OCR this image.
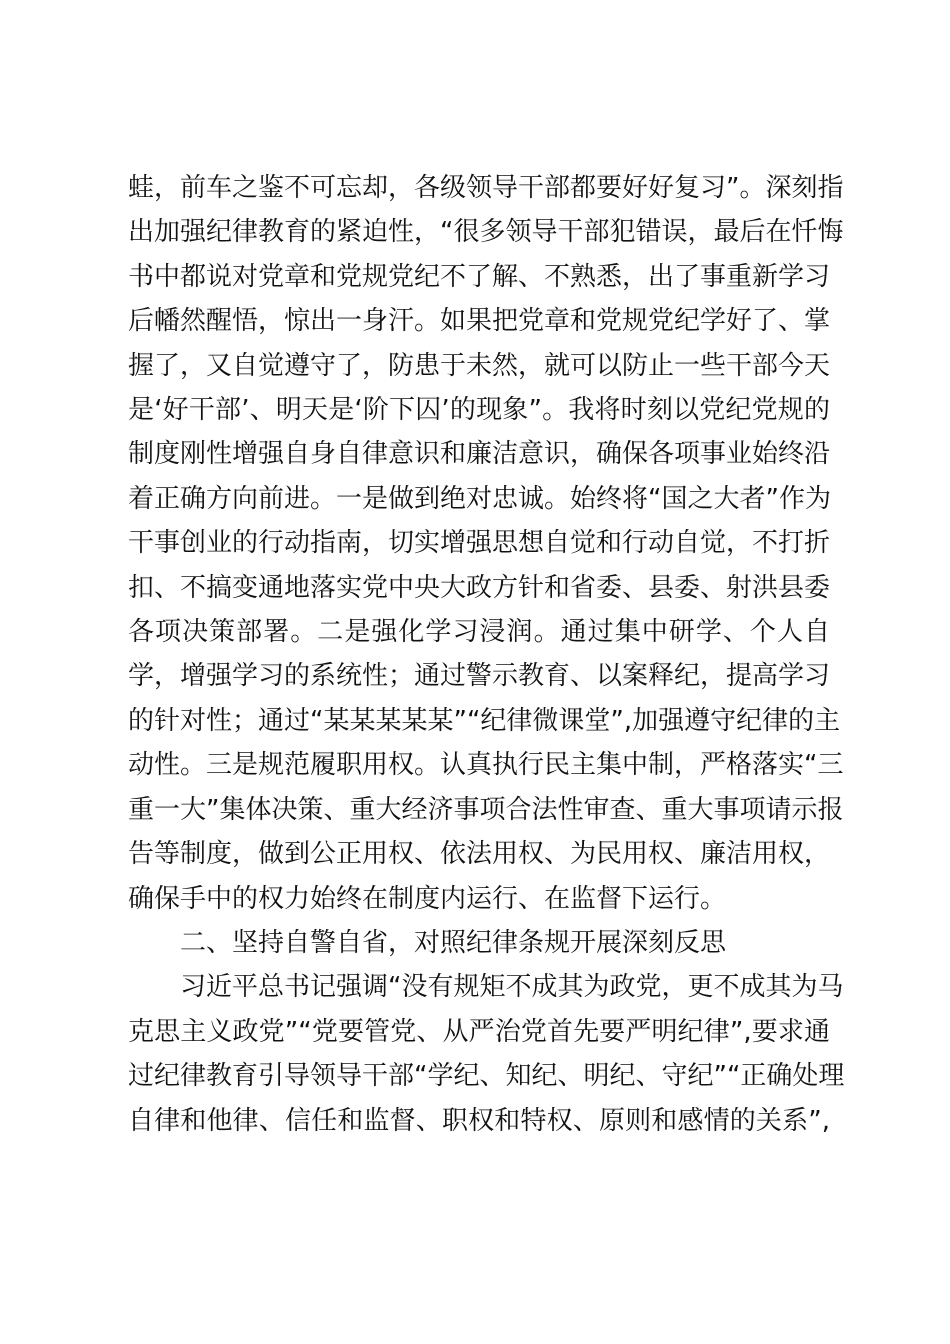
蛙，前车之鉴不可忘却，各级领导干部都要好好复习”。深刻指
出加强纪律教育的紧迫性，“很多领导干部犯错误，最后在忏悔
书中都说对党章和党规党纪不了解、不熟悉，出了事重新学习
后幡然醒悟，惊出一身汗。如果把党章和党规党纪学好了、掌
握了，又自觉遵守了，防患于未然，就可以防止一些干部今天
是‘好干部’、明天是‘阶下囚’的现象”。我将时刻以党纪党规的
制度刚性增强自身自律意识和廉洁意识，确保各项事业始终沿
着正确方向前进。一是做到绝对忠诚。始终将“国之大者”作为
干事创业的行动指南，切实增强思想自觉和行动自觉，不打折
扣、不搞变通地落实党中央大政方针和省委、县委、射洪县委
各项决策部署。二是强化学习浸润。通过集中研学、个人自
学，增强学习的系统性；通过警示教育、以案释纪，提高学习
的针对性；通过“某某某某某”“纪律微课堂”,加强遵守纪律的主
动性。三是规范履职用权。认真执行民主集中制，严格落实“三
重一大”集体决策、重大经济事项合法性审查、重大事项请示报
告等制度，做到公正用权、依法用权、为民用权、廉洁用权，
确保手中的权力始终在制度内运行、在监督下运行。

二、坚持自警自省，对照纪律条规开展深刻反思

习近平总书记强调“没有规矩不成其为政党，更不成其为马
克思主义政党”“党要管党、从严治党首先要严明纪律”,要求通
过纪律教育引导领导干部“学纪、知纪、明纪、守纪”“正确处理
自律和他律、信任和监督、职权和特权、原则和感情的关系”,
